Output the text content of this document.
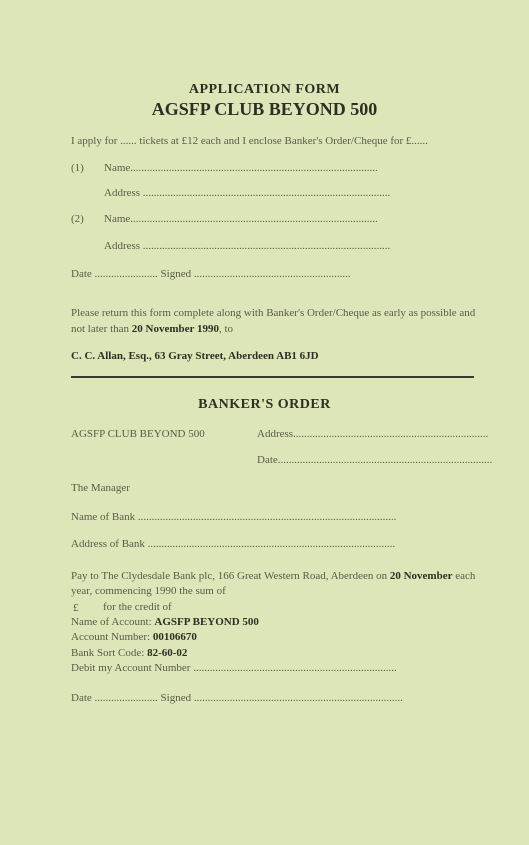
APPLICATION FORM
AGSFP CLUB BEYOND 500
I apply for ...... tickets at £12 each and I enclose Banker's Order/Cheque for £......
(1) Name..........................................................................................
Address ..........................................................................................
(2) Name..........................................................................................
Address ..........................................................................................
Date ....................... Signed .........................................................
Please return this form complete along with Banker's Order/Cheque as early as possible and not later than 20 November 1990, to
C. C. Allan, Esq., 63 Gray Street, Aberdeen AB1 6JD
BANKER'S ORDER
AGSFP CLUB BEYOND 500	Address.......................................................................
Date..............................................................................
The Manager
Name of Bank ..............................................................................................
Address of Bank ..........................................................................................
Pay to The Clydesdale Bank plc, 166 Great Western Road, Aberdeen on 20 November each year, commencing 1990 the sum of
£ for the credit of
Name of Account: AGSFP BEYOND 500
Account Number: 00106670
Bank Sort Code: 82-60-02
Debit my Account Number ..........................................................................
Date ....................... Signed ............................................................................
